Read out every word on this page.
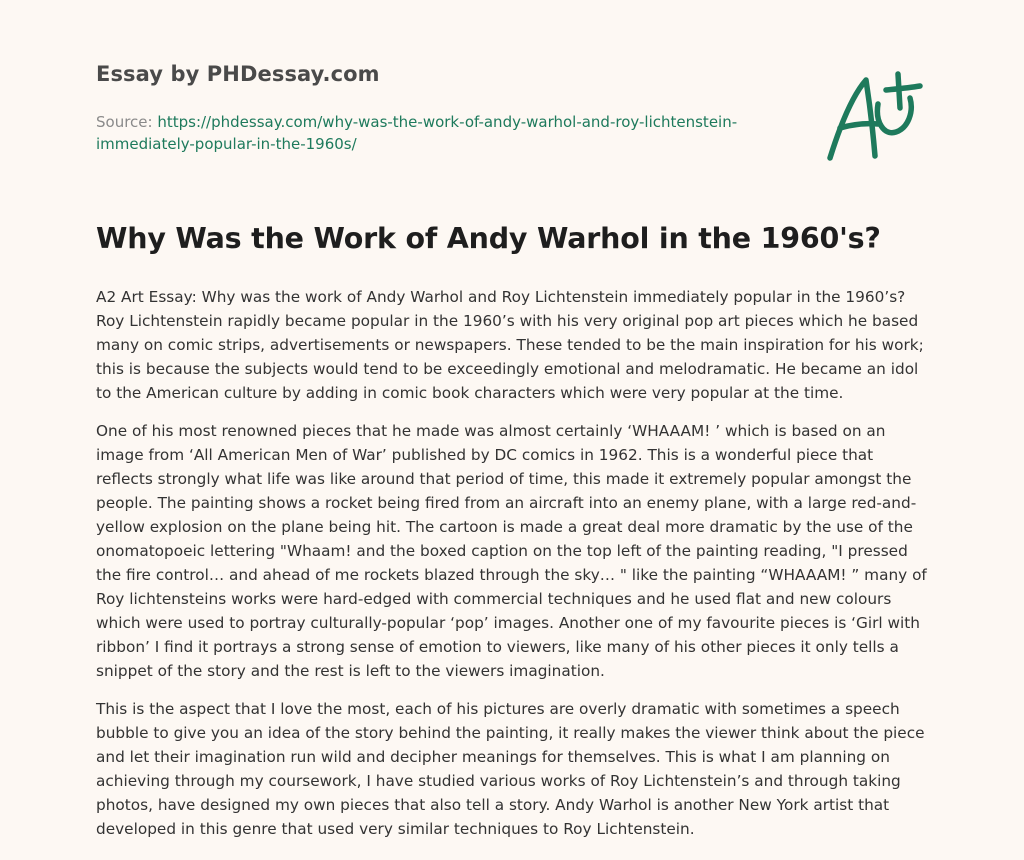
Essay by PHDessay.com
Source: https://phdessay.com/why-was-the-work-of-andy-warhol-and-roy-lichtenstein-immediately-popular-in-the-1960s/
Why Was the Work of Andy Warhol in the 1960's?

A2 Art Essay: Why was the work of Andy Warhol and Roy Lichtenstein immediately popular in the 1960’s? Roy Lichtenstein rapidly became popular in the 1960’s with his very original pop art pieces which he based many on comic strips, advertisements or newspapers. These tended to be the main inspiration for his work; this is because the subjects would tend to be exceedingly emotional and melodramatic. He became an idol to the American culture by adding in comic book characters which were very popular at the time.

One of his most renowned pieces that he made was almost certainly ‘WHAAAM! ’ which is based on an image from ‘All American Men of War’ published by DC comics in 1962. This is a wonderful piece that reflects strongly what life was like around that period of time, this made it extremely popular amongst the people. The painting shows a rocket being fired from an aircraft into an enemy plane, with a large red-and-yellow explosion on the plane being hit. The cartoon is made a great deal more dramatic by the use of the onomatopoeic lettering "Whaam! and the boxed caption on the top left of the painting reading, "I pressed the fire control… and ahead of me rockets blazed through the sky… " like the painting “WHAAAM! ” many of Roy lichtensteins works were hard-edged with commercial techniques and he used flat and new colours which were used to portray culturally-popular ‘pop’ images. Another one of my favourite pieces is ‘Girl with ribbon’ I find it portrays a strong sense of emotion to viewers, like many of his other pieces it only tells a snippet of the story and the rest is left to the viewers imagination.

This is the aspect that I love the most, each of his pictures are overly dramatic with sometimes a speech bubble to give you an idea of the story behind the painting, it really makes the viewer think about the piece and let their imagination run wild and decipher meanings for themselves. This is what I am planning on achieving through my coursework, I have studied various works of Roy Lichtenstein’s and through taking photos, have designed my own pieces that also tell a story. Andy Warhol is another New York artist that developed in this genre that used very similar techniques to Roy Lichtenstein.
